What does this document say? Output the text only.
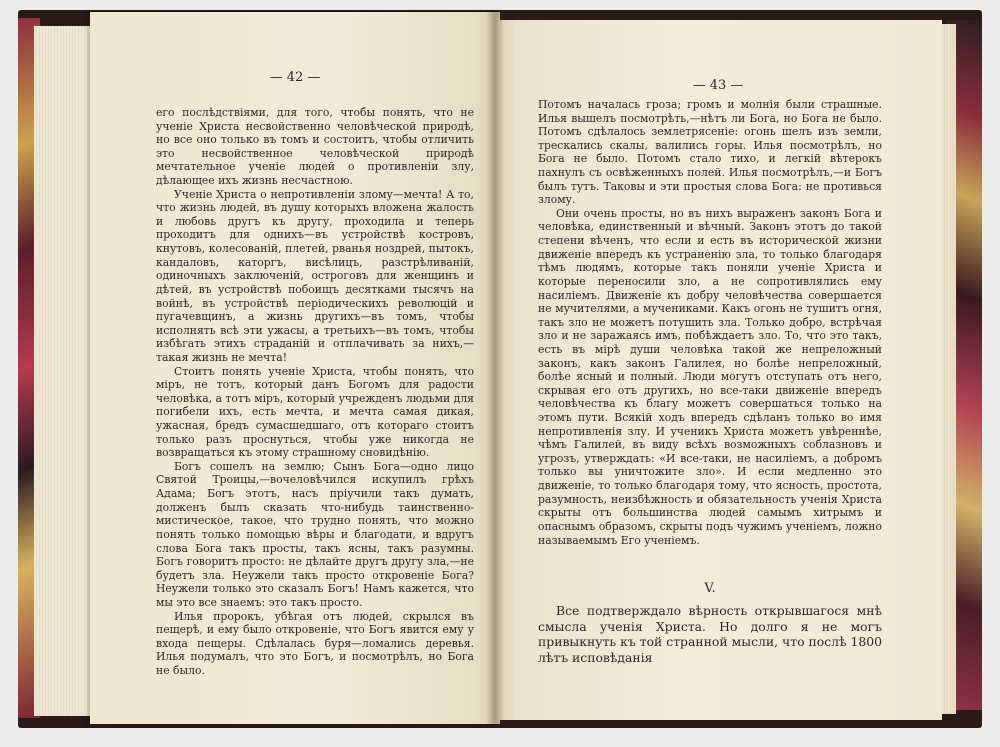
— 42 —

его послѣдствіями, для того, чтобы понять, что не ученіе Христа несвойственно человѣческой природѣ, но все оно только въ томъ и состоитъ, чтобы отличить это несвойственное человѣческой природѣ мечтательное ученіе людей о противленіи злу, дѣлающее ихъ жизнь несчастною.

Ученіе Христа о непротивленіи злому—мечта! А то, что жизнь людей, въ душу которыхъ вложена жалость и любовь другъ къ другу, проходила и теперь проходитъ для однихъ—въ устройствѣ костровъ, кнутовъ, колесованій, плетей, рванья ноздрей, пытокъ, кандаловъ, каторгъ, висѣлицъ, разстрѣливаній, одиночныхъ заключеній, остроговъ для женщинъ и дѣтей, въ устройствѣ побоищъ десятками тысячъ на войнѣ, въ устройствѣ періодическихъ революцій и пугачевщинъ, а жизнь другихъ—въ томъ, чтобы исполнять всѣ эти ужасы, а третьихъ—въ томъ, чтобы избѣгать этихъ страданій и отплачивать за нихъ,—такая жизнь не мечта!

Стоитъ понять ученіе Христа, чтобы понять, что міръ, не тотъ, который данъ Богомъ для радости человѣка, а тотъ міръ, который учрежденъ людьми для погибели ихъ, есть мечта, и мечта самая дикая, ужасная, бредъ сумасшедшаго, отъ котораго стоитъ только разъ проснуться, чтобы уже никогда не возвращаться къ этому страшному сновидѣнію.

Богъ сошелъ на землю; Сынъ Бога—одно лицо Святой Троицы,—вочеловѣчился искупилъ грѣхъ Адама; Богъ этотъ, насъ пріучили такъ думать, долженъ былъ сказать что-нибудь таинственно-мистическое, такое, что трудно понять, что можно понять только помощью вѣры и благодати, и вдругъ слова Бога такъ просты, такъ ясны, такъ разумны. Богъ говоритъ просто: не дѣлайте другъ другу зла,—не будетъ зла. Неужели такъ просто откровеніе Бога? Неужели только это сказалъ Богъ! Намъ кажется, что мы это все знаемъ: это такъ просто.

Илья пророкъ, убѣгая отъ людей, скрылся въ пещерѣ, и ему было откровеніе, что Богъ явится ему у входа пещеры. Сдѣлалась буря—ломались деревья. Илья подумалъ, что это Богъ, и посмотрѣлъ, но Бога не было.

— 43 —

Потомъ началась гроза; громъ и молнія были страшные. Илья вышелъ посмотрѣть,—нѣтъ ли Бога, но Бога не было. Потомъ сдѣлалось землетрясеніе: огонь шелъ изъ земли, трескались скалы, валились горы. Илья посмотрѣлъ, но Бога не было. Потомъ стало тихо, и легкій вѣтерокъ пахнулъ съ освѣженныхъ полей. Илья посмотрѣлъ,—и Богъ былъ тутъ. Таковы и эти простыя слова Бога: не противься злому.

Они очень просты, но въ нихъ выраженъ законъ Бога и человѣка, единственный и вѣчный. Законъ этотъ до такой степени вѣченъ, что если и есть въ исторической жизни движеніе впередъ къ устраненію зла, то только благодаря тѣмъ людямъ, которые такъ поняли ученіе Христа и которые переносили зло, а не сопротивлялись ему насиліемъ. Движеніе къ добру человѣчества совершается не мучителями, а мучениками. Какъ огонь не тушитъ огня, такъ зло не можетъ потушить зла. Только добро, встрѣчая зло и не заражаясь имъ, побѣждаетъ зло. То, что это такъ, есть въ мірѣ души человѣка такой же непреложный законъ, какъ законъ Галилея, но болѣе непреложный, болѣе ясный и полный. Люди могутъ отступать отъ него, скрывая его отъ другихъ, но все-таки движеніе впередъ человѣчества къ благу можетъ совершаться только на этомъ пути. Всякій ходъ впередъ сдѣланъ только во имя непротивленія злу. И ученикъ Христа можетъ увѣреннѣе, чѣмъ Галилей, въ виду всѣхъ возможныхъ соблазновъ и угрозъ, утверждать: «И все-таки, не насиліемъ, а добромъ только вы уничтожите зло». И если медленно это движеніе, то только благодаря тому, что ясность, простота, разумность, неизбѣжность и обязательность ученія Христа скрыты отъ большинства людей самымъ хитрымъ и опаснымъ образомъ, скрыты подъ чужимъ ученіемъ, ложно называемымъ Его ученіемъ.

V.

Все подтверждало вѣрность открывшагося мнѣ смысла ученія Христа. Но долго я не могъ привыкнуть къ той странной мысли, что послѣ 1800 лѣтъ исповѣданія
